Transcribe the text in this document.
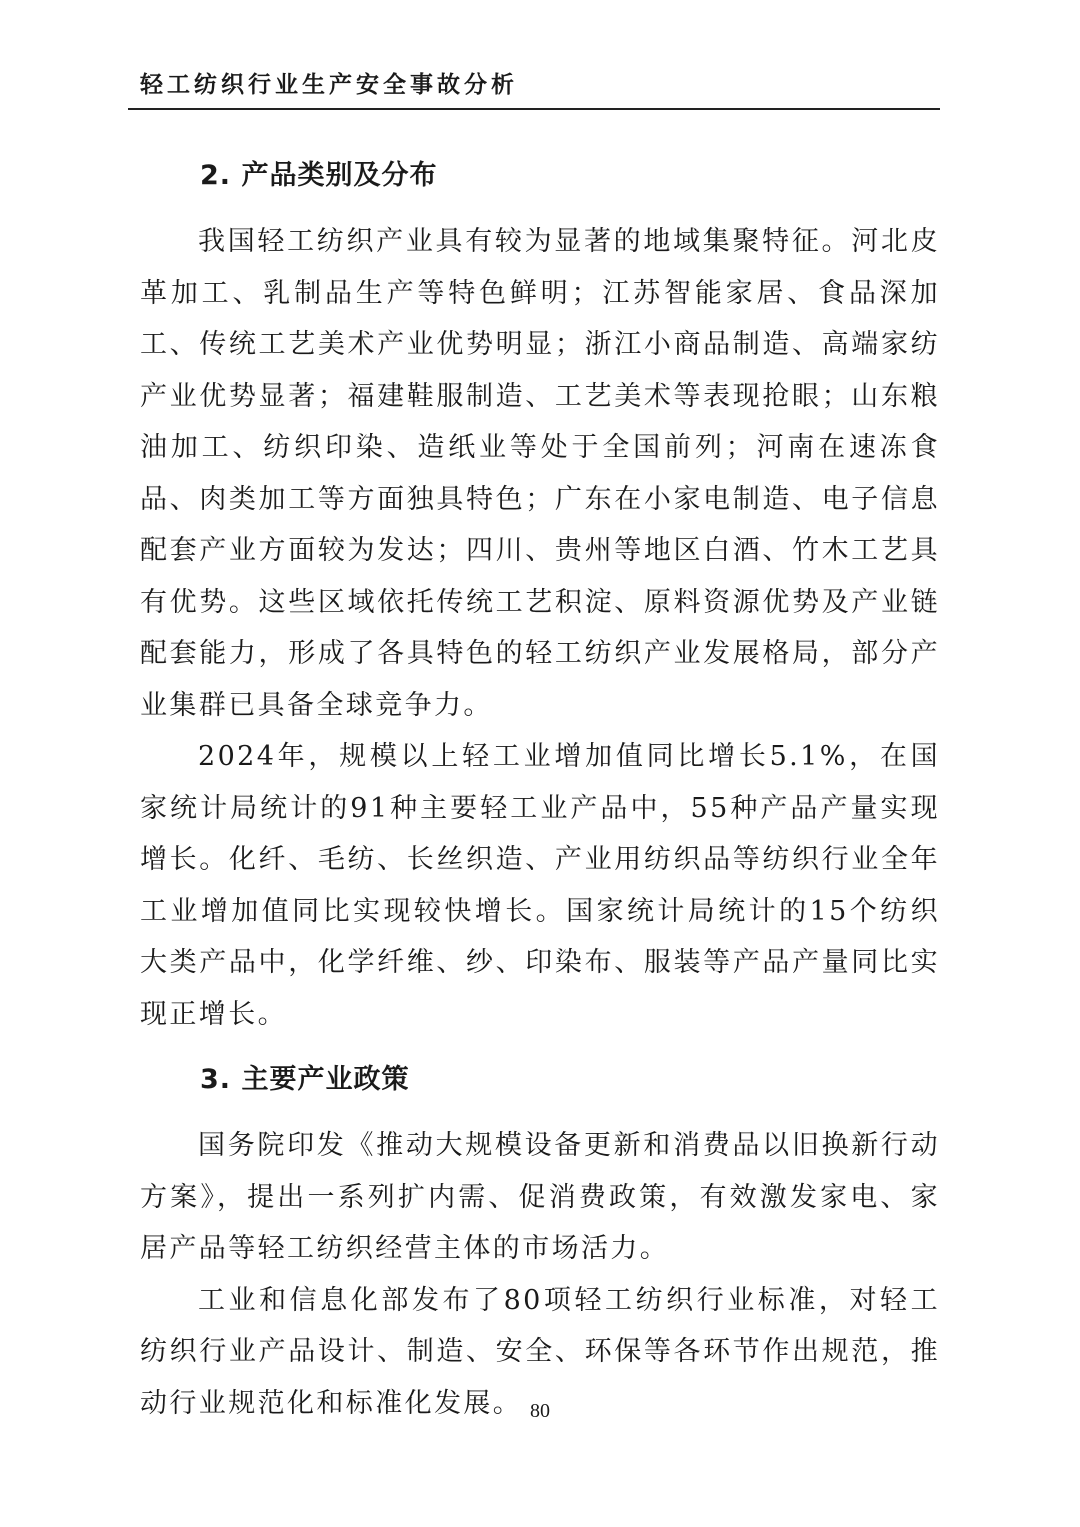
轻工纺织行业生产安全事故分析
2. 产品类别及分布

我国轻工纺织产业具有较为显著的地域集聚特征。河北皮革加工、乳制品生产等特色鲜明；江苏智能家居、食品深加工、传统工艺美术产业优势明显；浙江小商品制造、高端家纺产业优势显著；福建鞋服制造、工艺美术等表现抢眼；山东粮油加工、纺织印染、造纸业等处于全国前列；河南在速冻食品、肉类加工等方面独具特色；广东在小家电制造、电子信息配套产业方面较为发达；四川、贵州等地区白酒、竹木工艺具有优势。这些区域依托传统工艺积淀、原料资源优势及产业链配套能力，形成了各具特色的轻工纺织产业发展格局，部分产业集群已具备全球竞争力。

2024年，规模以上轻工业增加值同比增长5.1%，在国家统计局统计的91种主要轻工业产品中，55种产品产量实现增长。化纤、毛纺、长丝织造、产业用纺织品等纺织行业全年工业增加值同比实现较快增长。国家统计局统计的15个纺织大类产品中，化学纤维、纱、印染布、服装等产品产量同比实现正增长。

3. 主要产业政策

国务院印发《推动大规模设备更新和消费品以旧换新行动方案》，提出一系列扩内需、促消费政策，有效激发家电、家居产品等轻工纺织经营主体的市场活力。

工业和信息化部发布了80项轻工纺织行业标准，对轻工纺织行业产品设计、制造、安全、环保等各环节作出规范，推动行业规范化和标准化发展。 80
